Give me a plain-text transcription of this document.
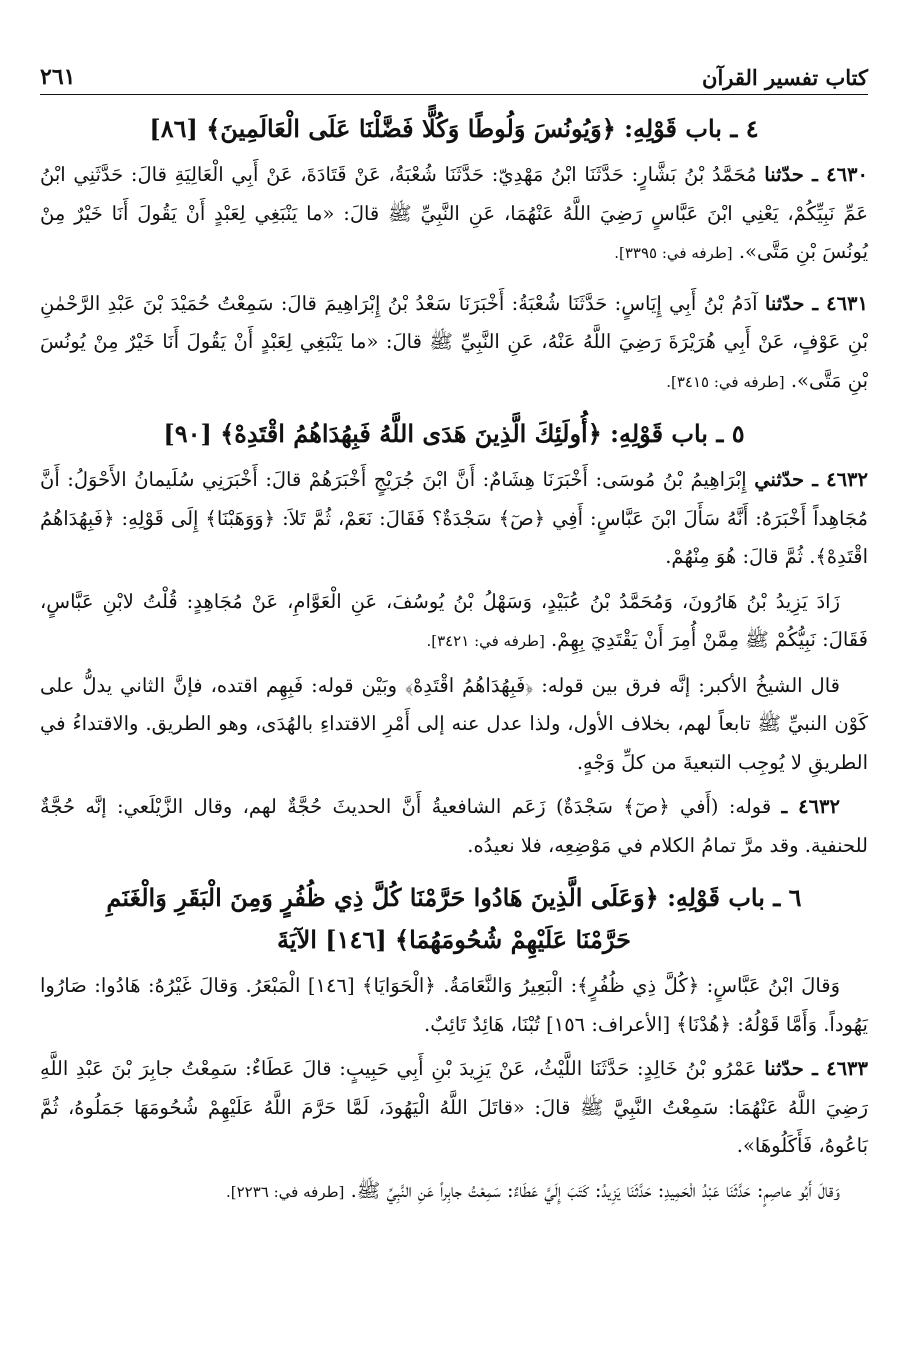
كتاب تفسير القرآن
٢٦١

٤ ـ باب قَوْلِهِ: ﴿وَيُونُسَ وَلُوطًا وَكُلًّا فَضَّلْنَا عَلَى الْعَالَمِينَ﴾ [٨٦]

٤٦٣٠ ـ حدّثنا مُحَمَّدُ بْنُ بَشَّارٍ: حَدَّثَنَا ابْنُ مَهْدِيّ: حَدَّثَنَا شُعْبَةُ، عَنْ قَتَادَةَ، عَنْ أَبِي الْعَالِيَةِ قالَ: حَدَّثَنِي ابْنُ عَمِّ نَبِيِّكُمْ، يَعْنِي ابْنَ عَبَّاسٍ رَضِيَ اللَّهُ عَنْهُمَا، عَنِ النَّبِيِّ ﷺ قالَ: «ما يَنْبَغِي لِعَبْدٍ أَنْ يَقُولَ أَنَا خَيْرٌ مِنْ يُونُسَ بْنِ مَتَّى». [طرفه في: ٣٣٩٥].

٤٦٣١ ـ حدّثنا آدَمُ بْنُ أَبِي إِيَاسٍ: حَدَّثَنَا شُعْبَةُ: أَخْبَرَنَا سَعْدُ بْنُ إِبْرَاهِيمَ قالَ: سَمِعْتُ حُمَيْدَ بْنَ عَبْدِ الرَّحْمٰنِ بْنِ عَوْفٍ، عَنْ أَبِي هُرَيْرَةَ رَضِيَ اللَّهُ عَنْهُ، عَنِ النَّبِيِّ ﷺ قالَ: «ما يَنْبَغِي لِعَبْدٍ أَنْ يَقُولَ أَنَا خَيْرٌ مِنْ يُونُسَ بْنِ مَتَّى». [طرفه في: ٣٤١٥].

٥ ـ باب قَوْلِهِ: ﴿أُولَئِكَ الَّذِينَ هَدَى اللَّهُ فَبِهُدَاهُمُ اقْتَدِهْ﴾ [٩٠]

٤٦٣٢ ـ حدّثني إِبْرَاهِيمُ بْنُ مُوسَى: أَخْبَرَنَا هِشَامٌ: أَنَّ ابْنَ جُرَيْجٍ أَخْبَرَهُمْ قالَ: أَخْبَرَنِي سُلَيمانُ الأَحْوَلُ: أَنَّ مُجَاهِداً أَخْبَرَهُ: أَنَّهُ سَأَلَ ابْنَ عَبَّاسٍ: أَفِي ﴿صٓ﴾ سَجْدَةٌ؟ فَقَالَ: نَعَمْ، ثُمَّ تَلاَ: ﴿وَوَهَبْنَا﴾ إِلَى قَوْلِهِ: ﴿فَبِهُدَاهُمُ اقْتَدِهْ﴾. ثُمَّ قالَ: هُوَ مِنْهُمْ.

زَادَ يَزِيدُ بْنُ هَارُونَ، وَمُحَمَّدُ بْنُ عُبَيْدٍ، وَسَهْلُ بْنُ يُوسُفَ، عَنِ الْعَوَّامِ، عَنْ مُجَاهِدٍ: قُلْتُ لابْنِ عَبَّاسٍ، فَقَالَ: نَبِيُّكُمْ ﷺ مِمَّنْ أُمِرَ أَنْ يَقْتَدِيَ بِهِمْ. [طرفه في: ٣٤٢١].

قال الشيخُ الأكبر: إنَّه فرق بين قوله: ﴿فَبِهُدَاهُمُ اقْتَدِهْ﴾ وبَيْن قوله: فَبِهِم اقتده، فإنَّ الثاني يدلُّ على كَوْن النبيِّ ﷺ تابعاً لهم، بخلاف الأول، ولذا عدل عنه إلى أَمْرِ الاقتداءِ بالهُدَى، وهو الطريق. والاقتداءُ في الطريقِ لا يُوجِب التبعيةَ من كلِّ وَجْهٍ.

٤٦٣٢ ـ قوله: (أَفي ﴿صٓ﴾ سَجْدَةٌ) زَعَم الشافعيةُ أَنَّ الحديثَ حُجَّةٌ لهم، وقال الزَّيْلَعي: إنَّه حُجَّةٌ للحنفية. وقد مرَّ تمامُ الكلام في مَوْضِعِه، فلا نعيدُه.

٦ ـ باب قَوْلِهِ: ﴿وَعَلَى الَّذِينَ هَادُوا حَرَّمْنَا كُلَّ ذِي ظُفُرٍ وَمِنَ الْبَقَرِ وَالْغَنَمِ
حَرَّمْنَا عَلَيْهِمْ شُحُومَهُمَا﴾ [١٤٦] الآيَةَ

وَقالَ ابْنُ عَبَّاسٍ: ﴿كُلَّ ذِي ظُفُرٍ﴾: الْبَعِيرُ وَالنَّعَامَةُ. ﴿الْحَوَايَا﴾ [١٤٦] الْمَبْعَرُ. وَقالَ غَيْرُهُ: هَادُوا: صَارُوا يَهُوداً. وَأَمَّا قَوْلُهُ: ﴿هُدْنَا﴾ [الأعراف: ١٥٦] تُبْنَا، هَائِدٌ تَائِبٌ.

٤٦٣٣ ـ حدّثنا عَمْرُو بْنُ خَالِدٍ: حَدَّثَنَا اللَّيْثُ، عَنْ يَزِيدَ بْنِ أَبِي حَبِيبٍ: قالَ عَطَاءٌ: سَمِعْتُ جابِرَ بْنَ عَبْدِ اللَّهِ رَضِيَ اللَّهُ عَنْهُمَا: سَمِعْتُ النَّبِيَّ ﷺ قالَ: «قاتَلَ اللَّهُ الْيَهُودَ، لَمَّا حَرَّمَ اللَّهُ عَلَيْهِمْ شُحُومَهَا جَمَلُوهُ، ثُمَّ بَاعُوهُ، فَأَكَلُوهَا».

وَقالَ أَبُو عاصِمٍ: حَدَّثَنَا عَبْدُ الْحَمِيدِ: حَدَّثَنَا يَزِيدُ: كَتَبَ إِلَيَّ عَطَاءٌ: سَمِعْتُ جابِراً عَنِ النَّبِيِّ ﷺ. [طرفه في: ٢٢٣٦].
